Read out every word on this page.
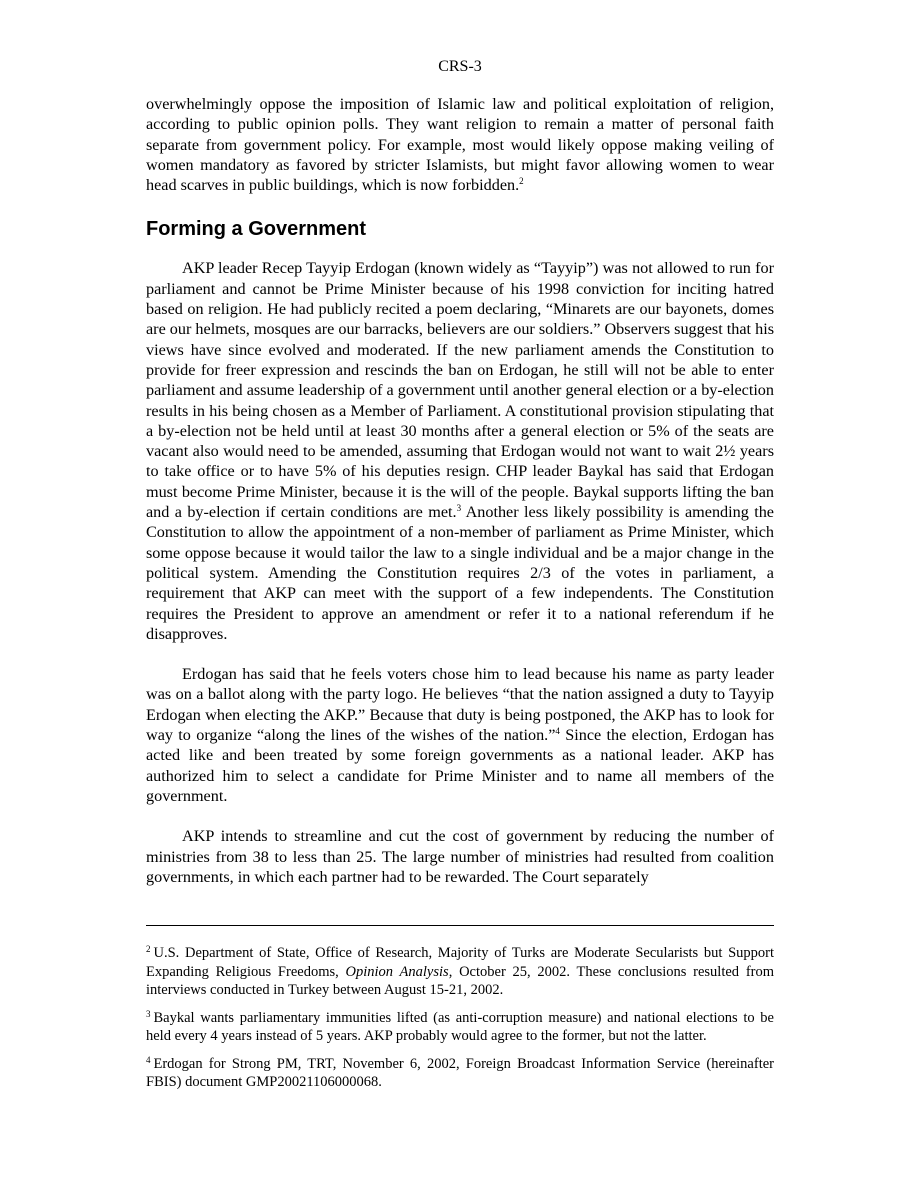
CRS-3

overwhelmingly oppose the imposition of Islamic law and political exploitation of religion, according to public opinion polls. They want religion to remain a matter of personal faith separate from government policy. For example, most would likely oppose making veiling of women mandatory as favored by stricter Islamists, but might favor allowing women to wear head scarves in public buildings, which is now forbidden.$^2$

Forming a Government

AKP leader Recep Tayyip Erdogan (known widely as “Tayyip”) was not allowed to run for parliament and cannot be Prime Minister because of his 1998 conviction for inciting hatred based on religion. He had publicly recited a poem declaring, “Minarets are our bayonets, domes are our helmets, mosques are our barracks, believers are our soldiers.” Observers suggest that his views have since evolved and moderated. If the new parliament amends the Constitution to provide for freer expression and rescinds the ban on Erdogan, he still will not be able to enter parliament and assume leadership of a government until another general election or a by-election results in his being chosen as a Member of Parliament. A constitutional provision stipulating that a by-election not be held until at least 30 months after a general election or 5% of the seats are vacant also would need to be amended, assuming that Erdogan would not want to wait 2½ years to take office or to have 5% of his deputies resign. CHP leader Baykal has said that Erdogan must become Prime Minister, because it is the will of the people. Baykal supports lifting the ban and a by-election if certain conditions are met.$^3$ Another less likely possibility is amending the Constitution to allow the appointment of a non-member of parliament as Prime Minister, which some oppose because it would tailor the law to a single individual and be a major change in the political system. Amending the Constitution requires 2/3 of the votes in parliament, a requirement that AKP can meet with the support of a few independents. The Constitution requires the President to approve an amendment or refer it to a national referendum if he disapproves.

Erdogan has said that he feels voters chose him to lead because his name as party leader was on a ballot along with the party logo. He believes “that the nation assigned a duty to Tayyip Erdogan when electing the AKP.” Because that duty is being postponed, the AKP has to look for way to organize “along the lines of the wishes of the nation.”$^4$ Since the election, Erdogan has acted like and been treated by some foreign governments as a national leader. AKP has authorized him to select a candidate for Prime Minister and to name all members of the government.

AKP intends to streamline and cut the cost of government by reducing the number of ministries from 38 to less than 25. The large number of ministries had resulted from coalition governments, in which each partner had to be rewarded. The Court separately

$^2$ U.S. Department of State, Office of Research, Majority of Turks are Moderate Secularists but Support Expanding Religious Freedoms, Opinion Analysis, October 25, 2002. These conclusions resulted from interviews conducted in Turkey between August 15-21, 2002.

$^3$ Baykal wants parliamentary immunities lifted (as anti-corruption measure) and national elections to be held every 4 years instead of 5 years. AKP probably would agree to the former, but not the latter.

$^4$ Erdogan for Strong PM, TRT, November 6, 2002, Foreign Broadcast Information Service (hereinafter FBIS) document GMP20021106000068.
